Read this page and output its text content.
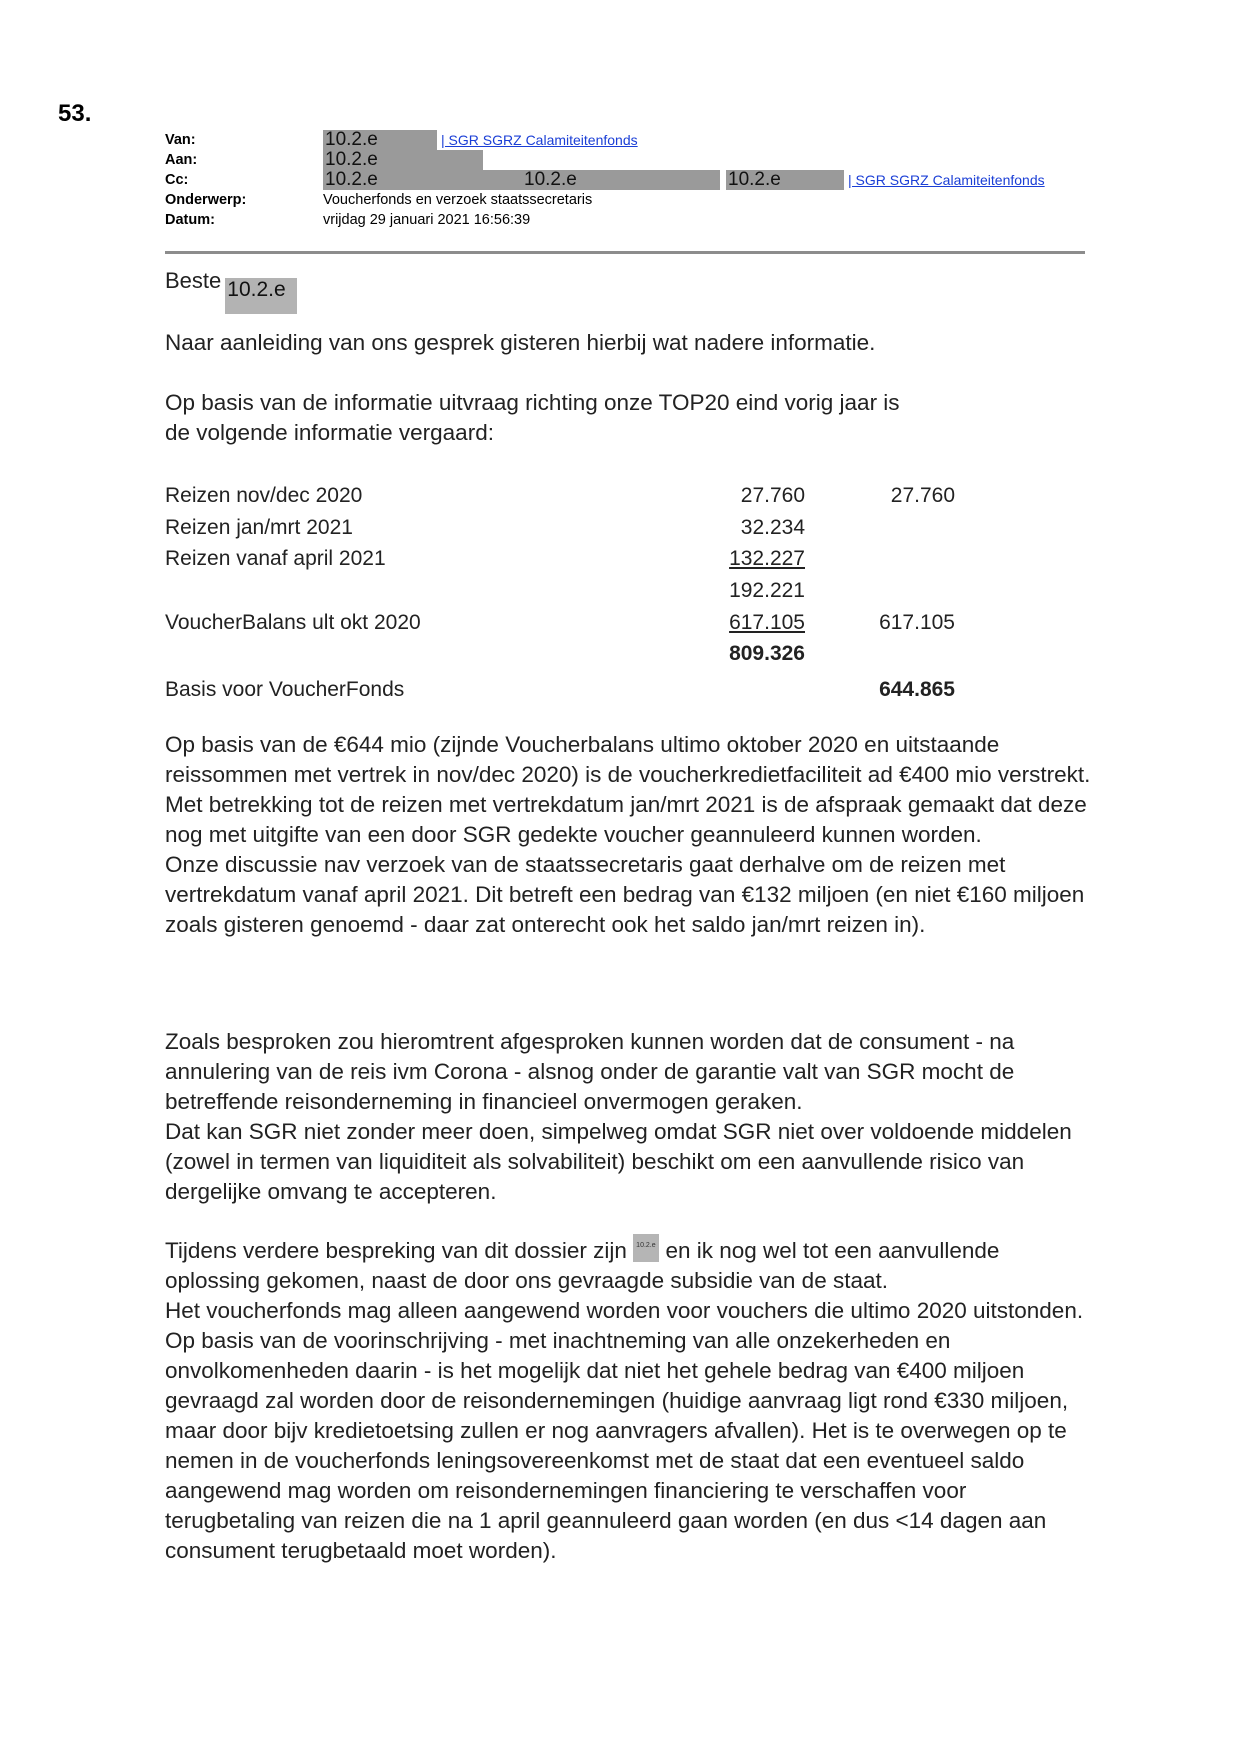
53.
Van:	10.2.e	| SGR SGRZ Calamiteitenfonds
Aan:	10.2.e
Cc:	10.2.e	10.2.e	10.2.e	| SGR SGRZ Calamiteitenfonds
Onderwerp:	Voucherfonds en verzoek staatssecretaris
Datum:	vrijdag 29 januari 2021 16:56:39
Beste 10.2.e

Naar aanleiding van ons gesprek gisteren hierbij wat nadere informatie.

Op basis van de informatie uitvraag richting onze TOP20 eind vorig jaar is de volgende informatie vergaard:

Reizen nov/dec 2020	27.760	27.760
Reizen jan/mrt 2021	32.234	
Reizen vanaf april 2021	132.227	
	192.221	
VoucherBalans ult okt 2020	617.105	617.105
	809.326	
Basis voor VoucherFonds		644.865

Op basis van de €644 mio (zijnde Voucherbalans ultimo oktober 2020 en uitstaande reissommen met vertrek in nov/dec 2020) is de voucherkredietfaciliteit ad €400 mio verstrekt.

Met betrekking tot de reizen met vertrekdatum jan/mrt 2021 is de afspraak gemaakt dat deze nog met uitgifte van een door SGR gedekte voucher geannuleerd kunnen worden.

Onze discussie nav verzoek van de staatssecretaris gaat derhalve om de reizen met vertrekdatum vanaf april 2021. Dit betreft een bedrag van €132 miljoen (en niet €160 miljoen zoals gisteren genoemd - daar zat onterecht ook het saldo jan/mrt reizen in).

Zoals besproken zou hieromtrent afgesproken kunnen worden dat de consument - na annulering van de reis ivm Corona - alsnog onder de garantie valt van SGR mocht de betreffende reisonderneming in financieel onvermogen geraken.

Dat kan SGR niet zonder meer doen, simpelweg omdat SGR niet over voldoende middelen (zowel in termen van liquiditeit als solvabiliteit) beschikt om een aanvullende risico van dergelijke omvang te accepteren.

Tijdens verdere bespreking van dit dossier zijn 10.2.e en ik nog wel tot een aanvullende oplossing gekomen, naast de door ons gevraagde subsidie van de staat.

Het voucherfonds mag alleen aangewend worden voor vouchers die ultimo 2020 uitstonden. Op basis van de voorinschrijving - met inachtneming van alle onzekerheden en onvolkomenheden daarin - is het mogelijk dat niet het gehele bedrag van €400 miljoen gevraagd zal worden door de reisondernemingen (huidige aanvraag ligt rond €330 miljoen, maar door bijv kredietoetsing zullen er nog aanvragers afvallen). Het is te overwegen op te nemen in de voucherfonds leningsovereenkomst met de staat dat een eventueel saldo aangewend mag worden om reisondernemingen financiering te verschaffen voor terugbetaling van reizen die na 1 april geannuleerd gaan worden (en dus <14 dagen aan consument terugbetaald moet worden).
